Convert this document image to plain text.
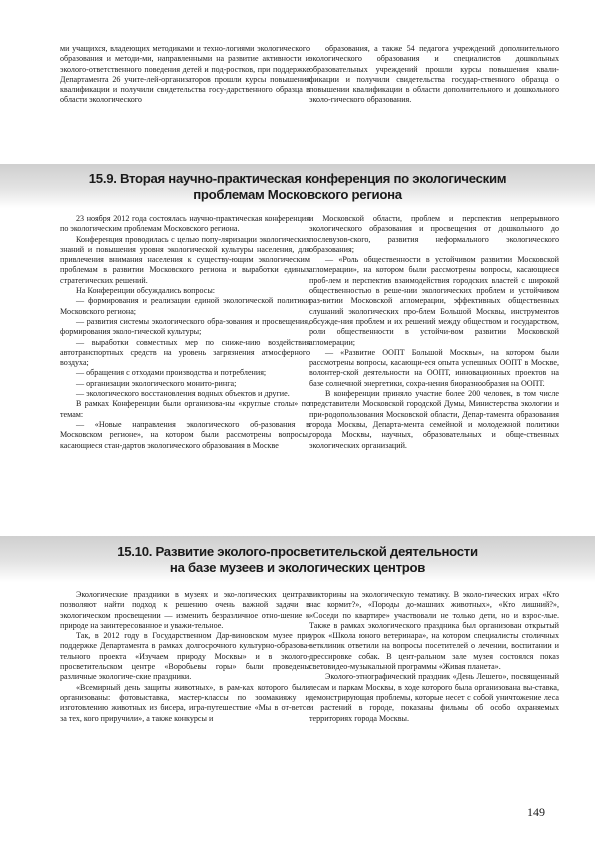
ми учащихся, владеющих методиками и техно-логиями экологического образования и методи-ми, направленными на развитие активности и эколого-ответственного поведения детей и под-ростков, при поддержке Департамента 26 учите-лей-организаторов прошли курсы повышения квалификации и получили свидетельства госу-дарственного образца в области экологического

образования, а также 54 педагога учреждений дополнительного экологического образования и специалистов дошкольных образовательных учреждений прошли курсы повышения квали-фикации и получили свидетельства государ-ственного образца о повышении квалификации в области дополнительного и дошкольного эколо-гического образования.

15.9. Вторая научно-практическая конференция по экологическим
проблемам Московского региона

23 ноября 2012 года состоялась научно-практическая конференция по экологическим проблемам Московского региона.

Конференция проводилась с целью попу-ляризации экологических знаний и повышения уровня экологической культуры населения, для привлечения внимания населения к существу-ющим экологическим проблемам в развитии Московского региона и выработки единых стратегических решений.

На Конференции обсуждались вопросы:

— формирования и реализации единой экологической политики Московского региона;

— развития системы экологического обра-зования и просвещения, формирования эколо-гической культуры;

— выработки совместных мер по сниже-нию воздействия автотранспортных средств на уровень загрязнения атмосферного воздуха;

— обращения с отходами производства и потребления;

— организации экологического монито-ринга;

— экологического восстановления водных объектов и другие.

В рамках Конференции были организова-ны «круглые столы» по темам:

— «Новые направления экологического об-разования в Московском регионе», на котором были рассмотрены вопросы, касающиеся стан-дартов экологического образования в Москве

и Московской области, проблем и перспектив непрерывного экологического образования и просвещения от дошкольного до послевузов-ского, развития неформального экологического образования;

— «Роль общественности в устойчивом развитии Московской агломерации», на котором были рассмотрены вопросы, касающиеся проб-лем и перспектив взаимодействия городских властей с широкой общественностью в реше-нии экологических проблем и устойчивом раз-витии Московской агломерации, эффективных общественных слушаний экологических про-блем Большой Москвы, инструментов обсужде-ния проблем и их решений между обществом и государством, роли общественности в устойчи-вом развитии Московской агломерации;

— «Развитие ООПТ Большой Москвы», на котором были рассмотрены вопросы, касающи-еся опыта успешных ООПТ в Москве, волонтер-ской деятельности на ООПТ, инновационных проектов на базе солнечной энергетики, сохра-нения биоразнообразия на ООПТ.

В конференции приняло участие более 200 человек, в том числе представители Московской городской Думы, Министерства экологии и при-родопользования Московской области, Депар-тамента образования города Москвы, Департа-мента семейной и молодежной политики города Москвы, научных, образовательных и обще-ственных экологических организаций.

15.10. Развитие эколого-просветительской деятельности
на базе музеев и экологических центров

Экологические праздники в музеях и эко-логических центрах позволяют найти подход к решению очень важной задачи в экологическом просвещении — изменить безразличное отно-шение к природе на заинтересованное и уважи-тельное.

Так, в 2012 году в Государственном Дар-виновском музее при поддержке Департамента в рамках долгосрочного культурно-образова-тельного проекта «Изучаем природу Москвы» и в эколого-просветительском центре «Воробьевы горы» были проведены различные экологиче-ские праздники.

«Всемирный день защиты животных», в рам-ках которого были организованы: фотовыставка, мастер-классы по зоомакияжу и изготовлению животных из бисера, игра-путешествие «Мы в от-ветсе за тех, кого приручили», а также конкурсы и

викторины на экологическую тематику. В эколо-гических играх «Кто нас кормит?», «Породы до-машних животных», «Кто лишний?», «Соседи по квартире» участвовали не только дети, но и взрос-лые. Также в рамках экологического праздника был организован открытый урок «Школа юного ветеринара», на котором специалисты столичных ветклиник ответили на вопросы посетителей о лечении, воспитании и дрессировке собак. В цент-ральном зале музея состоялся показ световидео-музыкальной программы «Живая планета».

Эколого-этнографический праздник «День Лешего», посвященный лесам и паркам Москвы, в ходе которого была организована вы-ставка, демонстрирующая проблемы, которые несет с собой уничтожение леса и растений в городе, показаны фильмы об особо охраняемых территориях города Москвы.

149
